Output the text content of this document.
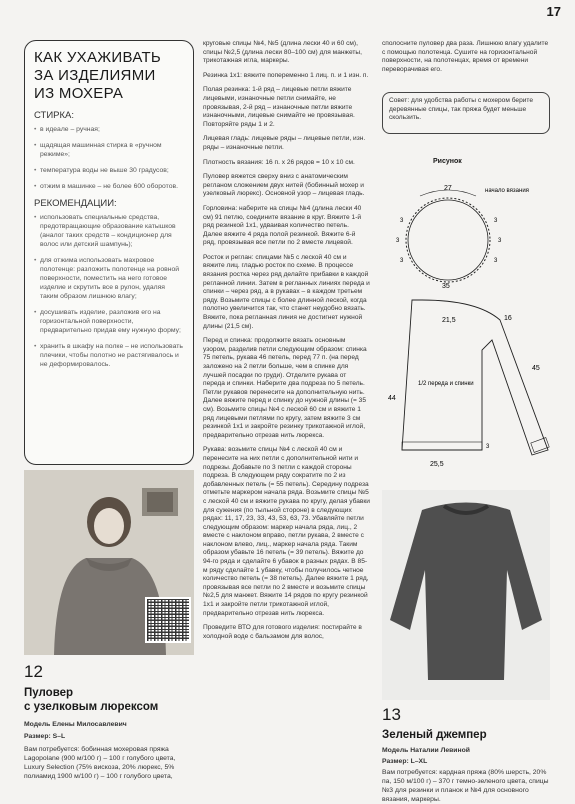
17
КАК УХАЖИВАТЬ
ЗА ИЗДЕЛИЯМИ
ИЗ МОХЕРА
СТИРКА:
• в идеале – ручная;
• щадящая машинная стирка в «ручном режиме»;
• температура воды не выше 30 градусов;
• отжим в машинке – не более 600 оборотов.
РЕКОМЕНДАЦИИ:
• использовать специальные средства, предотвращающие образование катышков (аналог таких средств – кондиционер для волос или детский шампунь);
• для отжима использовать махровое полотенце: разложить полотенце на ровной поверхности, поместить на него готовое изделие и скрутить все в рулон, удаляя таким образом лишнюю влагу;
• досушивать изделие, разложив его на горизонтальной поверхности, предварительно придав ему нужную форму;
• хранить в шкафу на полке – не использовать плечики, чтобы полотно не растягивалось и не деформировалось.
12
Пуловер
с узелковым люрексом
Модель Елены Милосавлевич
Размер: S–L
Вам потребуется: бобинная мохеровая пряжа Lagopolane (900 м/100 г) – 100 г голубого цвета, Luxury Selection (75% вискоза, 20% люрекс, 5% полиамид 1900 м/100 г) – 100 г голубого цвета,

круговые спицы №4, №5 (длина лески 40 и 60 см), спицы №2,5 (длина лески 80–100 см) для манжеты, трикотажная игла, маркеры.

Резинка 1х1: вяжите попеременно 1 лиц. п. и 1 изн. п.

Полая резинка: 1-й ряд – лицевые петли вяжите лицевыми, изнаночные петли снимайте, не провязывая, 2-й ряд – изнаночные петли вяжите изнаночными, лицевые снимайте не провязывая. Повторяйте ряды 1 и 2.

Лицевая гладь: лицевые ряды – лицевые петли, изн. ряды – изнаночные петли.

Плотность вязания: 16 п. х 26 рядов = 10 х 10 см.

Пуловер вяжется сверху вниз с анатомическим регланом сложением двух нитей (бобинный мохер и узелковый люрекс). Основной узор – лицевая гладь.

Горловина: наберите на спицы №4 (длина лески 40 см) 91 петлю, соедините вязание в круг. Вяжите 1-й ряд резинкой 1х1, удваивая количество петель. Далее вяжите 4 ряда полой резинкой. Вяжите 6-й ряд, провязывая все петли по 2 вместе лицевой.

Росток и реглан: спицами №5 с леской 40 см и вяжите лиц. гладью росток по схеме. В процессе вязания ростка через ряд делайте прибавки в каждой регланной линии. Затем в регланных линиях переда и спинки – через ряд, а в рукавах – в каждом третьем ряду. Возьмите спицы с более длинной леской, когда полотно увеличится так, что станет неудобно вязать. Вяжите, пока регланная линия не достигнет нужной длины (21,5 см).

Перед и спинка: продолжите вязать основным узором, разделив петли следующим образом: спинка 75 петель, рукава 46 петель, перед 77 п. (на перед заложено на 2 петли больше, чем в спинке для лучшей посадки по груди). Отделите рукава от переда и спинки. Наберите два подреза по 5 петель. Петли рукавов перенесите на дополнительную нить. Далее вяжите перед и спинку до нужной длины (= 35 см). Возьмите спицы №4 с леской 60 см и вяжите 1 ряд лицевыми петлями по кругу, затем вяжите 3 см резинкой 1х1 и закройте резинку трикотажной иглой, предварительно отрезав нить люрекса.

Рукава: возьмите спицы №4 с леской 40 см и перенесите на них петли с дополнительной нити и подрезы. Добавьте по 3 петли с каждой стороны подреза. В следующем ряду сократите по 2 из добавленных петель (= 55 петель). Середину подреза отметьте маркером начала ряда. Возьмите спицы №5 с леской 40 см и вяжите рукава по кругу, делая убавки для сужения (по тыльной стороне) в следующих рядах: 11, 17, 23, 33, 43, 53, 63, 73. Убавляйте петли следующим образом: маркер начала ряда, лиц., 2 вместе с наклоном вправо, петли рукава, 2 вместе с наклоном влево, лиц., маркер начала ряда. Таким образом убавьте 16 петель (= 39 петель). Вяжите до 94-го ряда и сделайте 6 убавок в разных рядах. В 85-м ряду сделайте 1 убавку, чтобы получилось четное количество петель (= 38 петель). Далее вяжите 1 ряд, провязывая все петли по 2 вместе и возьмите спицы №2,5 для манжет. Вяжите 14 рядов по кругу резинкой 1х1 и закройте петли трикотажной иглой, предварительно отрезав нить люрекса.

Проведите ВТО для готового изделия: постирайте в холодной воде с бальзамом для волос,

сполосните пуловер два раза. Лишнюю влагу удалите с помощью полотенца. Сушите на горизонтальной поверхности, на полотенцах, время от времени переворачивая его.

Совет: для удобства работы с мохером берите деревянные спицы, так пряжа будет меньше скользить.
Рисунок
27	начало вязания
3
3
3
3
3
3
35
21,5	16
45
44
1/2 переда и спинки
25,5
3
13
Зеленый джемпер
Модель Наталии Левиной
Размер: L–XL
Вам потребуется: кардная пряжа (80% шерсть, 20% па, 150 м/100 г) – 370 г темно-зеленого цвета, спицы №3 для резинки и планок и №4 для основного вязания, маркеры.
